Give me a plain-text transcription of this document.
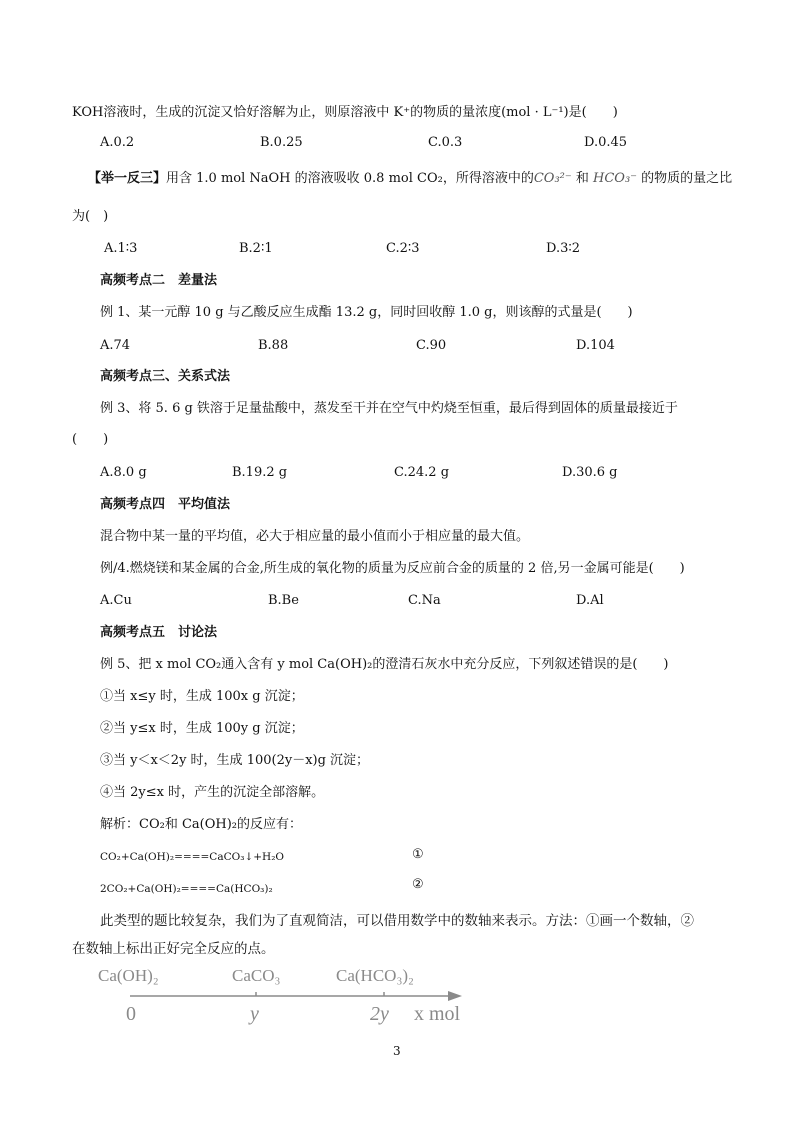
KOH溶液时，生成的沉淀又恰好溶解为止，则原溶液中 K⁺的物质的量浓度(mol · L⁻¹)是(　　)
A.0.2	B.0.25	C.0.3	D.0.45
【举一反三】用含 1.0 mol NaOH 的溶液吸收 0.8 mol CO₂，所得溶液中的CO₃²⁻ 和 HCO₃⁻ 的物质的量之比
为(　)
A.1∶3	B.2∶1	C.2∶3	D.3∶2
高频考点二　差量法
例 1、某一元醇 10 g 与乙酸反应生成酯 13.2 g，同时回收醇 1.0 g，则该醇的式量是(　　)
A.74	B.88	C.90	D.104
高频考点三、关系式法
例 3、将 5. 6 g 铁溶于足量盐酸中，蒸发至干并在空气中灼烧至恒重，最后得到固体的质量最接近于
(　　)
A.8.0 g	B.19.2 g	C.24.2 g	D.30.6 g
高频考点四　平均值法
混合物中某一量的平均值，必大于相应量的最小值而小于相应量的最大值。
例/4.燃烧镁和某金属的合金,所生成的氧化物的质量为反应前合金的质量的 2 倍,另一金属可能是(　　)
A.Cu	B.Be	C.Na	D.Al
高频考点五　讨论法
例 5、把 x mol CO₂通入含有 y mol Ca(OH)₂的澄清石灰水中充分反应，下列叙述错误的是(　　)
①当 x≤y 时，生成 100x g 沉淀；
②当 y≤x 时，生成 100y g 沉淀；
③当 y＜x＜2y 时，生成 100(2y－x)g 沉淀；
④当 2y≤x 时，产生的沉淀全部溶解。
解析：CO₂和 Ca(OH)₂的反应有：
CO₂+Ca(OH)₂====CaCO₃↓+H₂O	①
2CO₂+Ca(OH)₂====Ca(HCO₃)₂	②
此类型的题比较复杂，我们为了直观简洁，可以借用数学中的数轴来表示。方法：①画一个数轴，②
在数轴上标出正好完全反应的点。
Ca(OH)₂	CaCO₃	Ca(HCO₃)₂
0	y	2y x mol
3
